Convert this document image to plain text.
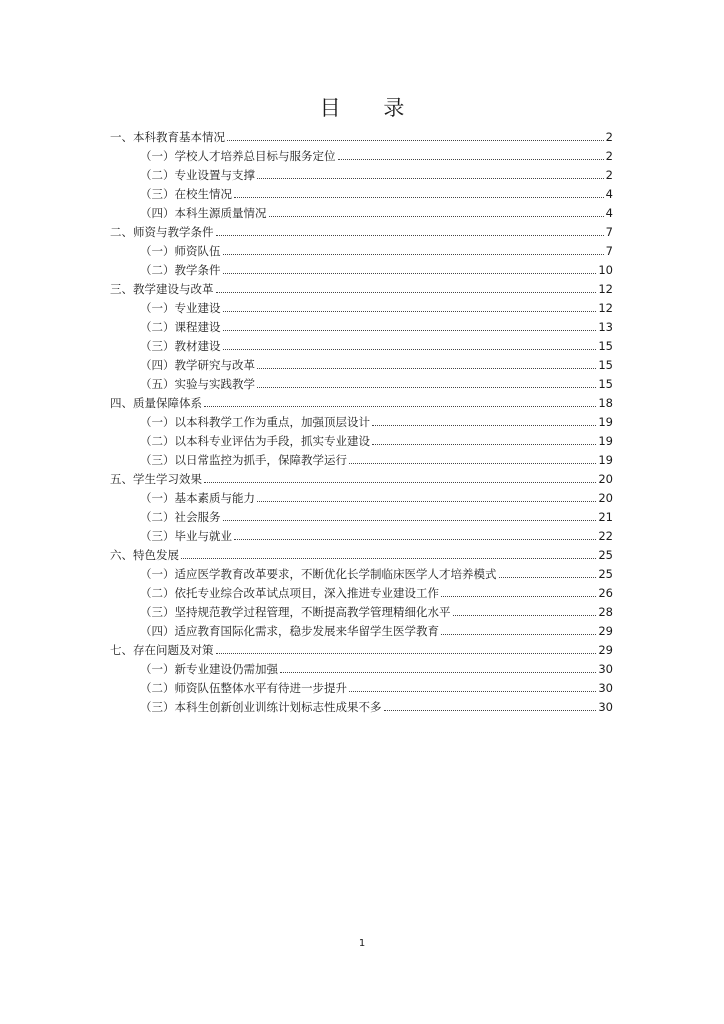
目 录
一、本科教育基本情况	2
（一）学校人才培养总目标与服务定位	2
（二）专业设置与支撑	2
（三）在校生情况	4
（四）本科生源质量情况	4
二、师资与教学条件	7
（一）师资队伍	7
（二）教学条件	10
三、教学建设与改革	12
（一）专业建设	12
（二）课程建设	13
（三）教材建设	15
（四）教学研究与改革	15
（五）实验与实践教学	15
四、质量保障体系	18
（一）以本科教学工作为重点，加强顶层设计	19
（二）以本科专业评估为手段，抓实专业建设	19
（三）以日常监控为抓手，保障教学运行	19
五、学生学习效果	20
（一）基本素质与能力	20
（二）社会服务	21
（三）毕业与就业	22
六、特色发展	25
（一）适应医学教育改革要求，不断优化长学制临床医学人才培养模式	25
（二）依托专业综合改革试点项目，深入推进专业建设工作	26
（三）坚持规范教学过程管理，不断提高教学管理精细化水平	28
（四）适应教育国际化需求，稳步发展来华留学生医学教育	29
七、存在问题及对策	29
（一）新专业建设仍需加强	30
（二）师资队伍整体水平有待进一步提升	30
（三）本科生创新创业训练计划标志性成果不多	30
1
